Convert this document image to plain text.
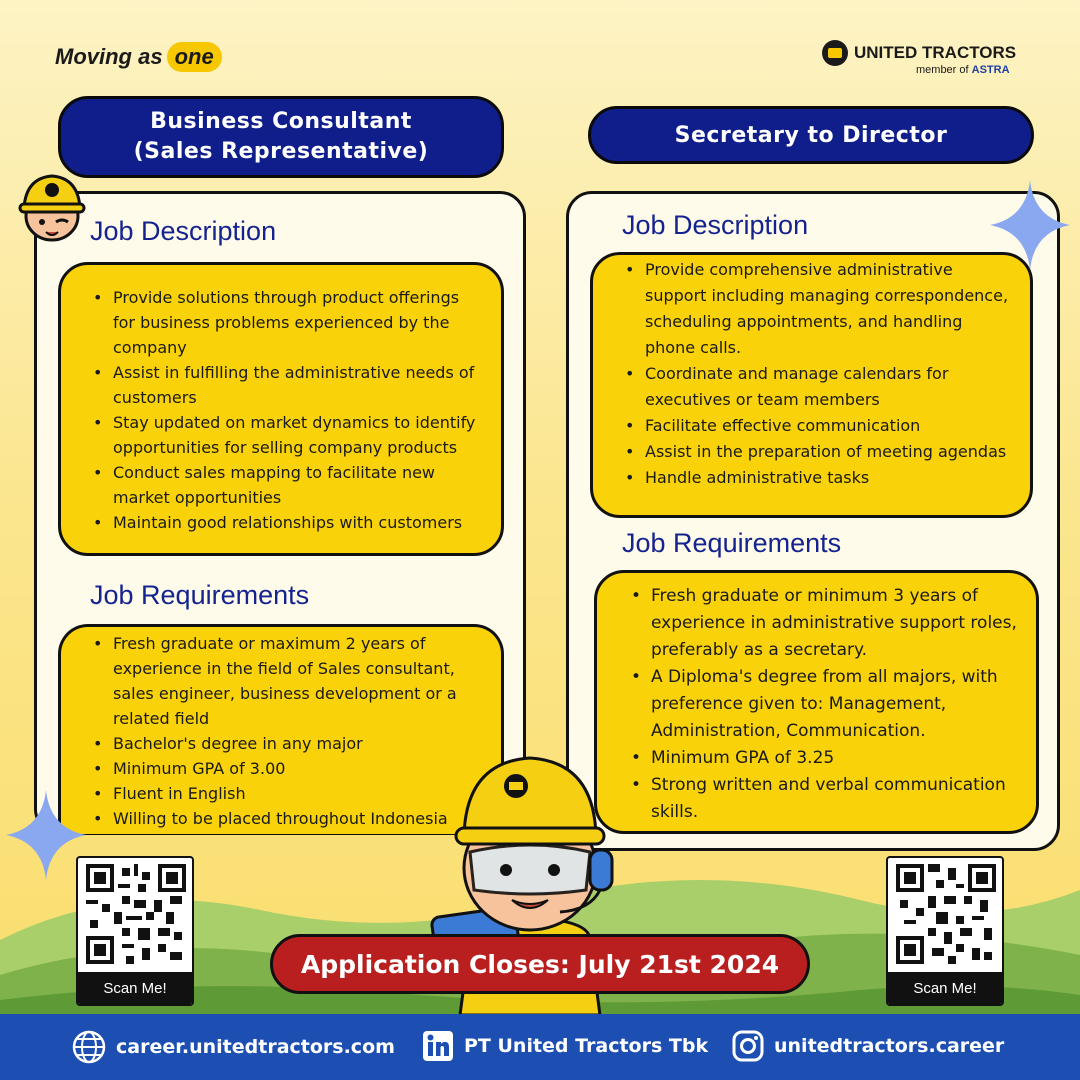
Moving as one	UNITED TRACTORS
member of ASTRA
Business Consultant
(Sales Representative)
Job Description
• Provide solutions through product offerings for business problems experienced by the company
• Assist in fulfilling the administrative needs of customers
• Stay updated on market dynamics to identify opportunities for selling company products
• Conduct sales mapping to facilitate new market opportunities
• Maintain good relationships with customers
Job Requirements
• Fresh graduate or maximum 2 years of experience in the field of Sales consultant, sales engineer, business development or a related field
• Bachelor's degree in any major
• Minimum GPA of 3.00
• Fluent in English
• Willing to be placed throughout Indonesia
Secretary to Director
Job Description
• Provide comprehensive administrative support including managing correspondence, scheduling appointments, and handling phone calls.
• Coordinate and manage calendars for executives or team members
• Facilitate effective communication
• Assist in the preparation of meeting agendas
• Handle administrative tasks
Job Requirements
• Fresh graduate or minimum 3 years of experience in administrative support roles, preferably as a secretary.
• A Diploma's degree from all majors, with preference given to: Management, Administration, Communication.
• Minimum GPA of 3.25
• Strong written and verbal communication skills.
Scan Me!	Scan Me!
Application Closes: July 21st 2024
career.unitedtractors.com	PT United Tractors Tbk	unitedtractors.career
